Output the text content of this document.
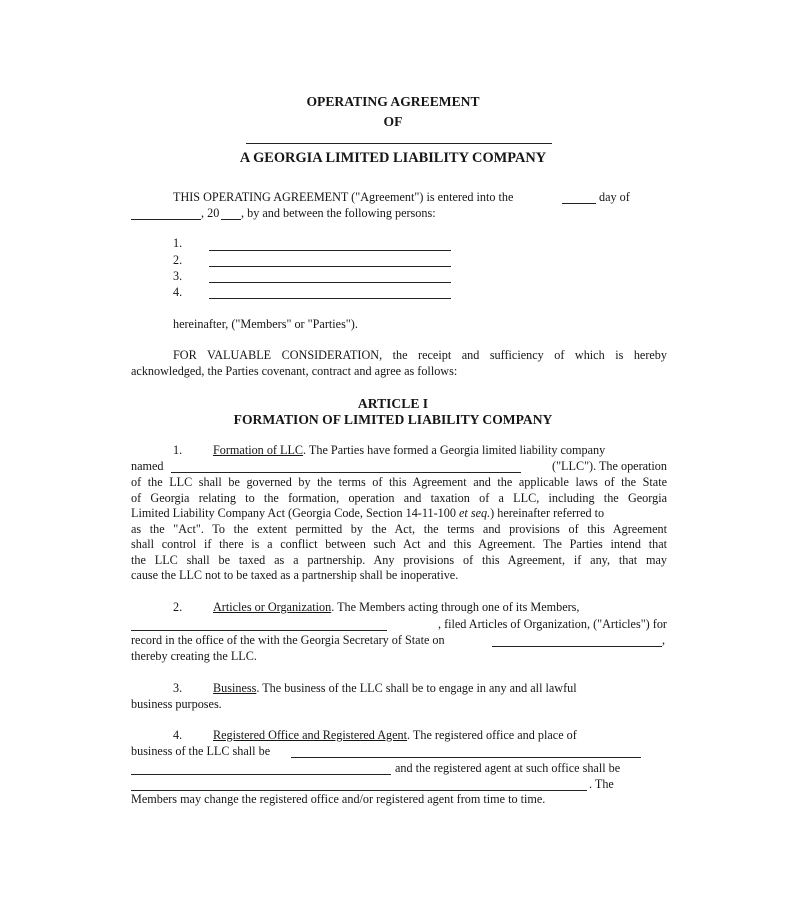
OPERATING AGREEMENT
OF
A GEORGIA LIMITED LIABILITY COMPANY
THIS OPERATING AGREEMENT ("Agreement") is entered into the	day of
, 20 , by and between the following persons:
1.
2.
3.
4.
hereinafter, ("Members" or "Parties").
FOR VALUABLE CONSIDERATION, the receipt and sufficiency of which is hereby
acknowledged, the Parties covenant, contract and agree as follows:
ARTICLE I
FORMATION OF LIMITED LIABILITY COMPANY
1.	Formation of LLC. The Parties have formed a Georgia limited liability company
named	("LLC"). The operation
of the LLC shall be governed by the terms of this Agreement and the applicable laws of the State
of Georgia relating to the formation, operation and taxation of a LLC, including the Georgia
Limited Liability Company Act (Georgia Code, Section 14-11-100 et seq.) hereinafter referred to
as the "Act". To the extent permitted by the Act, the terms and provisions of this Agreement
shall control if there is a conflict between such Act and this Agreement. The Parties intend that
the LLC shall be taxed as a partnership. Any provisions of this Agreement, if any, that may
cause the LLC not to be taxed as a partnership shall be inoperative.
2.	Articles or Organization. The Members acting through one of its Members,
, filed Articles of Organization, ("Articles") for
record in the office of the with the Georgia Secretary of State on	,
thereby creating the LLC.
3.	Business. The business of the LLC shall be to engage in any and all lawful
business purposes.
4.	Registered Office and Registered Agent. The registered office and place of
business of the LLC shall be
and the registered agent at such office shall be
. The
Members may change the registered office and/or registered agent from time to time.
